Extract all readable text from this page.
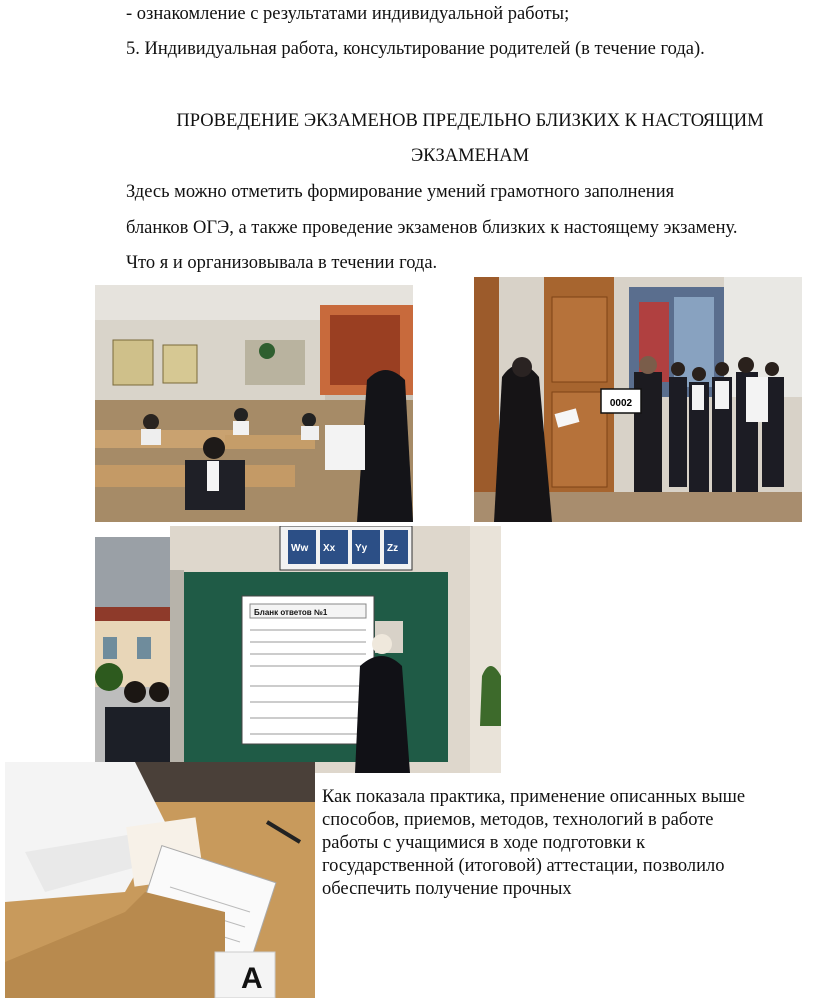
- ознакомление с результатами индивидуальной работы;
5. Индивидуальная работа, консультирование родителей (в течение года).
ПРОВЕДЕНИЕ ЭКЗАМЕНОВ ПРЕДЕЛЬНО БЛИЗКИХ К НАСТОЯЩИМ
ЭКЗАМЕНАМ
Здесь можно отметить формирование умений грамотного заполнения
бланков ОГЭ, а также проведение экзаменов близких к настоящему экзамену.
Что я и организовывала в течении года.
0002
Ww Xx Yy Zz
Бланк ответов №1
A
Как показала практика, применение описанных выше
способов, приемов, методов, технологий в работе
работы с учащимися в ходе подготовки к
государственной (итоговой) аттестации, позволило
обеспечить получение прочных
